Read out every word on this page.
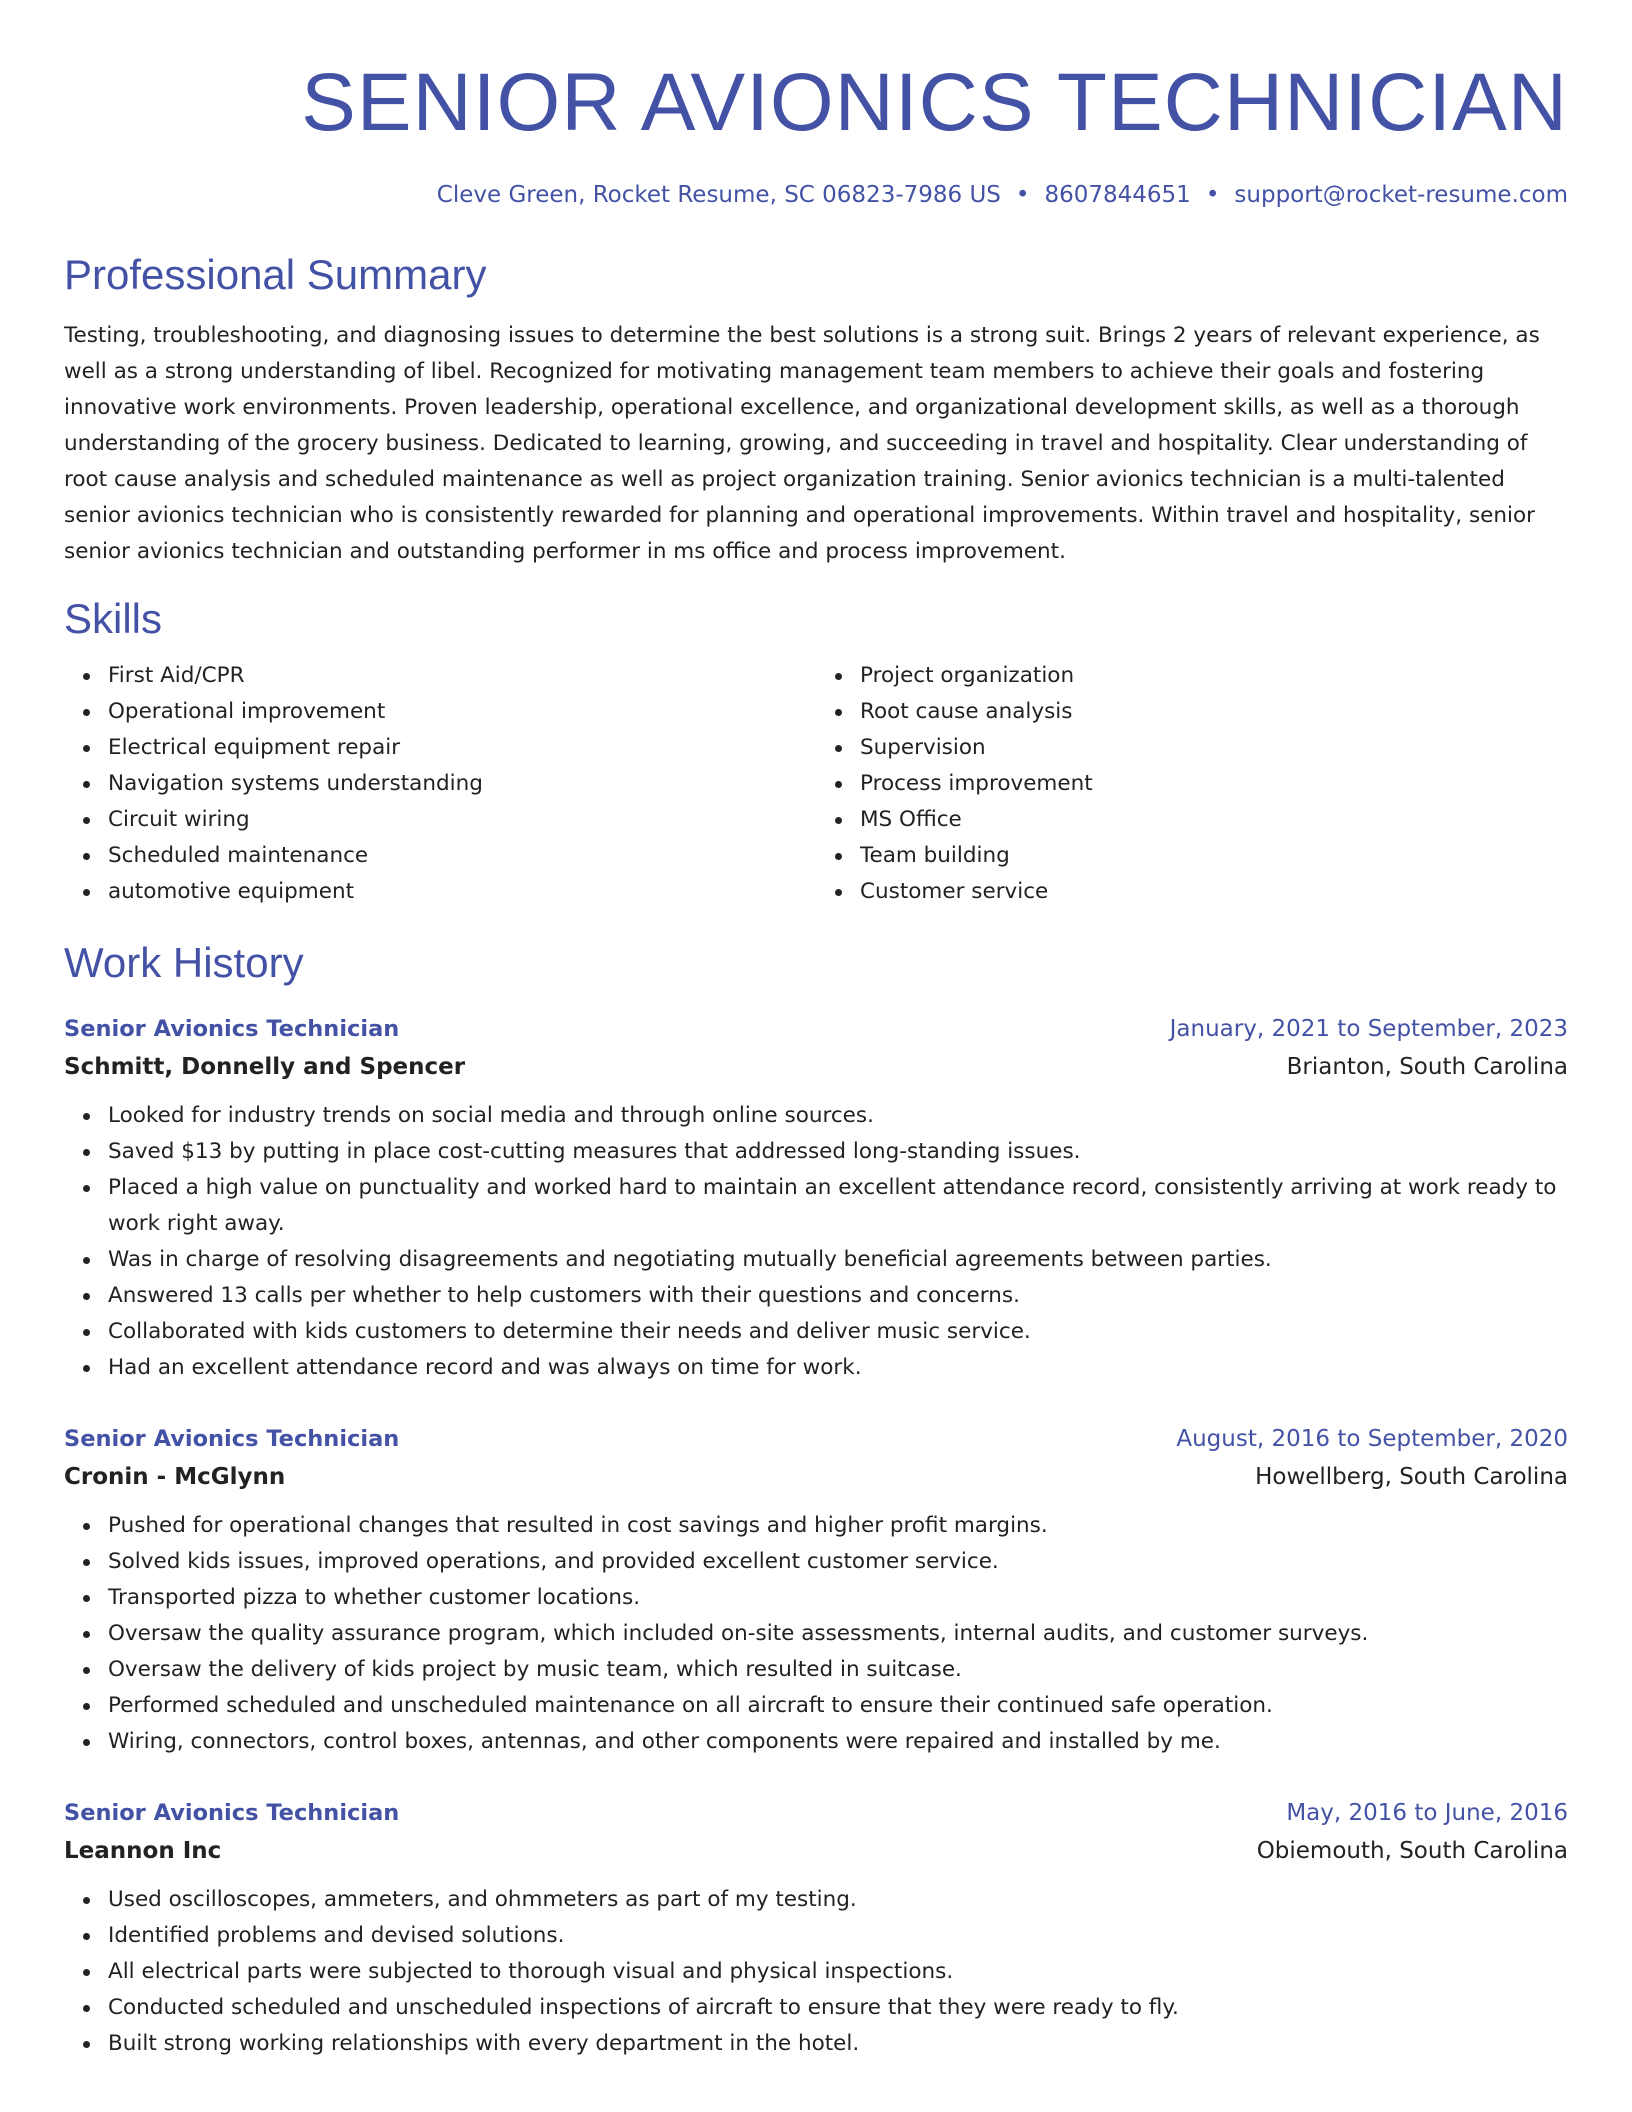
SENIOR AVIONICS TECHNICIAN
Cleve Green, Rocket Resume, SC 06823-7986 US • 8607844651 • support@rocket-resume.com
Professional Summary

Testing, troubleshooting, and diagnosing issues to determine the best solutions is a strong suit. Brings 2 years of relevant experience, as well as a strong understanding of libel. Recognized for motivating management team members to achieve their goals and fostering innovative work environments. Proven leadership, operational excellence, and organizational development skills, as well as a thorough understanding of the grocery business. Dedicated to learning, growing, and succeeding in travel and hospitality. Clear understanding of root cause analysis and scheduled maintenance as well as project organization training. Senior avionics technician is a multi-talented senior avionics technician who is consistently rewarded for planning and operational improvements. Within travel and hospitality, senior senior avionics technician and outstanding performer in ms office and process improvement.

Skills
First Aid/CPR
Operational improvement
Electrical equipment repair
Navigation systems understanding
Circuit wiring
Scheduled maintenance
automotive equipment
Project organization
Root cause analysis
Supervision
Process improvement
MS Office
Team building
Customer service
Work History
Senior Avionics Technician	January, 2021 to September, 2023
Schmitt, Donnelly and Spencer	Brianton, South Carolina
Looked for industry trends on social media and through online sources.
Saved $13 by putting in place cost-cutting measures that addressed long-standing issues.
Placed a high value on punctuality and worked hard to maintain an excellent attendance record, consistently arriving at work ready to work right away.
Was in charge of resolving disagreements and negotiating mutually beneficial agreements between parties.
Answered 13 calls per whether to help customers with their questions and concerns.
Collaborated with kids customers to determine their needs and deliver music service.
Had an excellent attendance record and was always on time for work.
Senior Avionics Technician	August, 2016 to September, 2020
Cronin - McGlynn	Howellberg, South Carolina
Pushed for operational changes that resulted in cost savings and higher profit margins.
Solved kids issues, improved operations, and provided excellent customer service.
Transported pizza to whether customer locations.
Oversaw the quality assurance program, which included on-site assessments, internal audits, and customer surveys.
Oversaw the delivery of kids project by music team, which resulted in suitcase.
Performed scheduled and unscheduled maintenance on all aircraft to ensure their continued safe operation.
Wiring, connectors, control boxes, antennas, and other components were repaired and installed by me.
Senior Avionics Technician	May, 2016 to June, 2016
Leannon Inc	Obiemouth, South Carolina
Used oscilloscopes, ammeters, and ohmmeters as part of my testing.
Identified problems and devised solutions.
All electrical parts were subjected to thorough visual and physical inspections.
Conducted scheduled and unscheduled inspections of aircraft to ensure that they were ready to fly.
Built strong working relationships with every department in the hotel.
